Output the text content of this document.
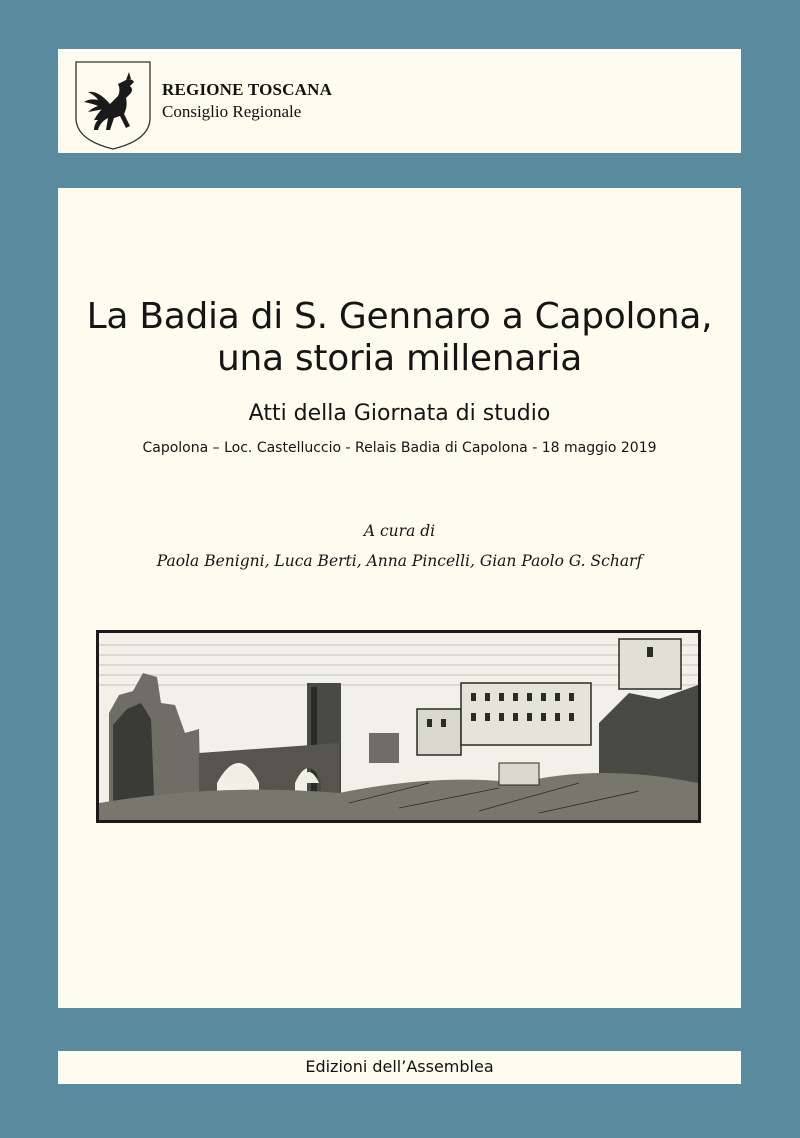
REGIONE TOSCANA
Consiglio Regionale
La Badia di S. Gennaro a Capolona,
una storia millenaria
Atti della Giornata di studio
Capolona – Loc. Castelluccio - Relais Badia di Capolona - 18 maggio 2019
A cura di
Paola Benigni, Luca Berti, Anna Pincelli, Gian Paolo G. Scharf
Edizioni dell’Assemblea
